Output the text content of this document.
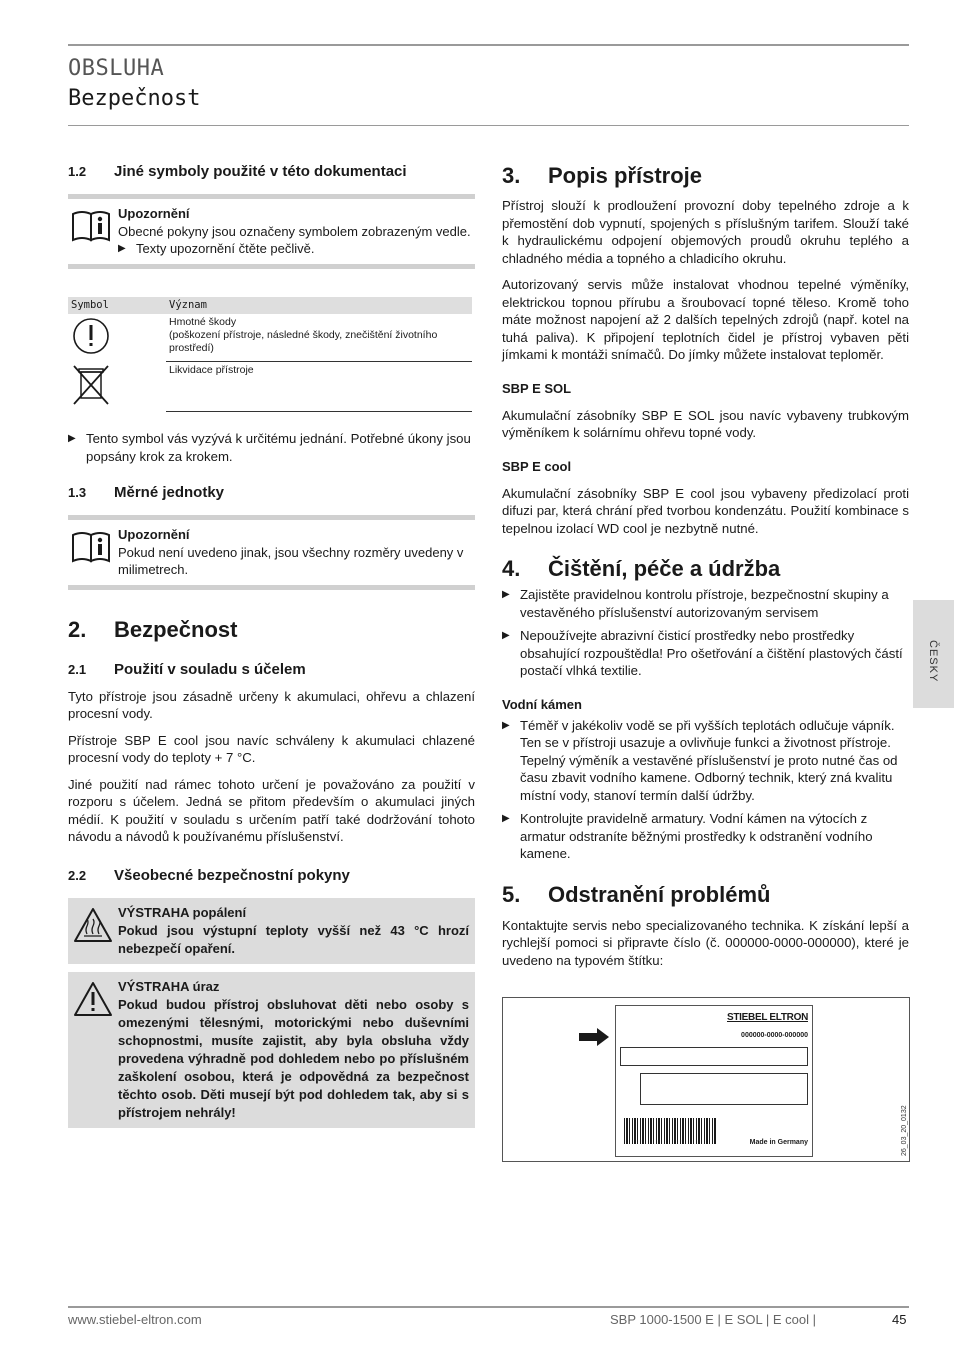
OBSLUHA
Bezpečnost
1.2 Jiné symboly použité v této dokumentaci
Upozornění

Obecné pokyny jsou označeny symbolem zobrazeným vedle.

▶ Texty upozornění čtěte pečlivě.
Symbol	Význam

Hmotné škody
(poškození přístroje, následné škody, znečištění životního prostředí)

Likvidace přístroje
▶ Tento symbol vás vyzývá k určitému jednání. Potřebné úkony jsou popsány krok za krokem.
1.3 Měrné jednotky
Upozornění

Pokud není uvedeno jinak, jsou všechny rozměry uvedeny v milimetrech.

2. Bezpečnost
2.1 Použití v souladu s účelem

Tyto přístroje jsou zásadně určeny k akumulaci, ohřevu a chlazení procesní vody.

Přístroje SBP E cool jsou navíc schváleny k akumulaci chlazené procesní vody do teploty + 7 °C.

Jiné použití nad rámec tohoto určení je považováno za použití v rozporu s účelem. Jedná se přitom především o akumulaci jiných médií. K použití v souladu s určením patří také dodržování tohoto návodu a návodů k používanému příslušenství.

2.2 Všeobecné bezpečnostní pokyny
VÝSTRAHA popálení

Pokud jsou výstupní teploty vyšší než 43 °C hrozí nebezpečí opaření.

VÝSTRAHA úraz

Pokud budou přístroj obsluhovat děti nebo osoby s omezenými tělesnými, motorickými nebo duševními schopnostmi, musíte zajistit, aby byla obsluha vždy provedena výhradně pod dohledem nebo po příslušném zaškolení osobou, která je odpovědná za bezpečnost těchto osob. Děti musejí být pod dohledem tak, aby si s přístrojem nehrály!

3. Popis přístroje

Přístroj slouží k prodloužení provozní doby tepelného zdroje a k přemostění dob vypnutí, spojených s příslušným tarifem. Slouží také k hydraulickému odpojení objemových proudů okruhu teplého a chladného média a topného a chladicího okruhu.

Autorizovaný servis může instalovat vhodnou tepelné výměníky, elektrickou topnou přírubu a šroubovací topné těleso. Kromě toho máte možnost napojení až 2 dalších tepelných zdrojů (např. kotel na tuhá paliva). K připojení teplotních čidel je přístroj vybaven pěti jímkami k montáži snímačů. Do jímky můžete instalovat teploměr.

SBP E SOL

Akumulační zásobníky SBP E SOL jsou navíc vybaveny trubkovým výměníkem k solárnímu ohřevu topné vody.

SBP E cool

Akumulační zásobníky SBP E cool jsou vybaveny předizolací proti difuzi par, která chrání před tvorbou kondenzátu. Použití kombinace s tepelnou izolací WD cool je nezbytně nutné.

4. Čištění, péče a údržba
▶ Zajistěte pravidelnou kontrolu přístroje, bezpečnostní skupiny a vestavěného příslušenství autorizovaným servisem
▶ Nepoužívejte abrazivní čisticí prostředky nebo prostředky obsahující rozpouštědla! Pro ošetřování a čištění plastových částí postačí vlhká textilie.
Vodní kámen
▶ Téměř v jakékoliv vodě se při vyšších teplotách odlučuje vápník. Ten se v přístroji usazuje a ovlivňuje funkci a životnost přístroje. Tepelný výměník a vestavěné příslušenství je proto nutné čas od času zbavit vodního kamene. Odborný technik, který zná kvalitu místní vody, stanoví termín další údržby.
▶ Kontrolujte pravidelně armatury. Vodní kámen na výtocích z armatur odstraníte běžnými prostředky k odstranění vodního kamene.
5. Odstranění problémů

Kontaktujte servis nebo specializovaného technika. K získání lepší a rychlejší pomoci si připravte číslo (č. 000000-0000-000000), které je uvedeno na typovém štítku:

STIEBEL ELTRON
000000-0000-000000
Made in Germany	26_03_20_0132
ČESKY
www.stiebel-eltron.com	SBP 1000-1500 E | E SOL | E cool |	45
